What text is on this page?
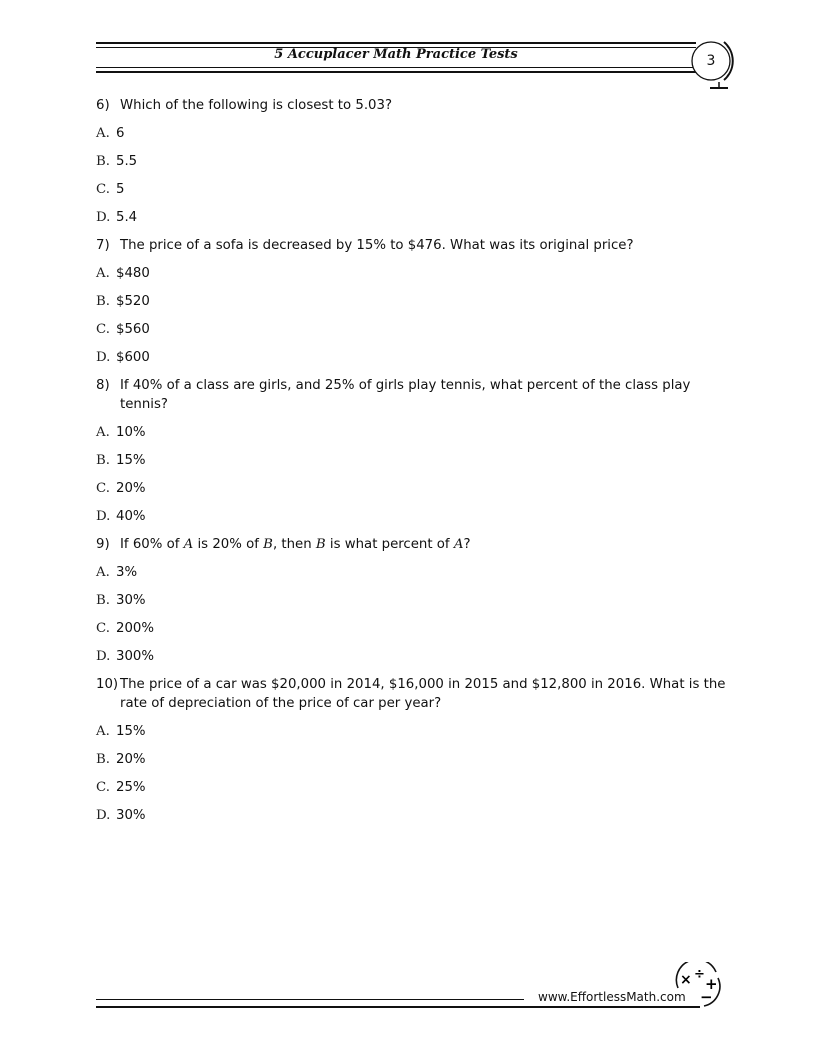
5 Accuplacer Math Practice Tests	3
6) Which of the following is closest to 5.03?
A. 6
B. 5.5
C. 5
D. 5.4
7) The price of a sofa is decreased by 15% to $476. What was its original price?
A. $480
B. $520
C. $560
D. $600
8) If 40% of a class are girls, and 25% of girls play tennis, what percent of the class play tennis?
A. 10%
B. 15%
C. 20%
D. 40%
9) If 60% of A is 20% of B, then B is what percent of A?
A. 3%
B. 30%
C. 200%
D. 300%
10) The price of a car was $20,000 in 2014, $16,000 in 2015 and $12,800 in 2016. What is the rate of depreciation of the price of car per year?
A. 15%
B. 20%
C. 25%
D. 30%
www.EffortlessMath.com
× ÷
+
−
